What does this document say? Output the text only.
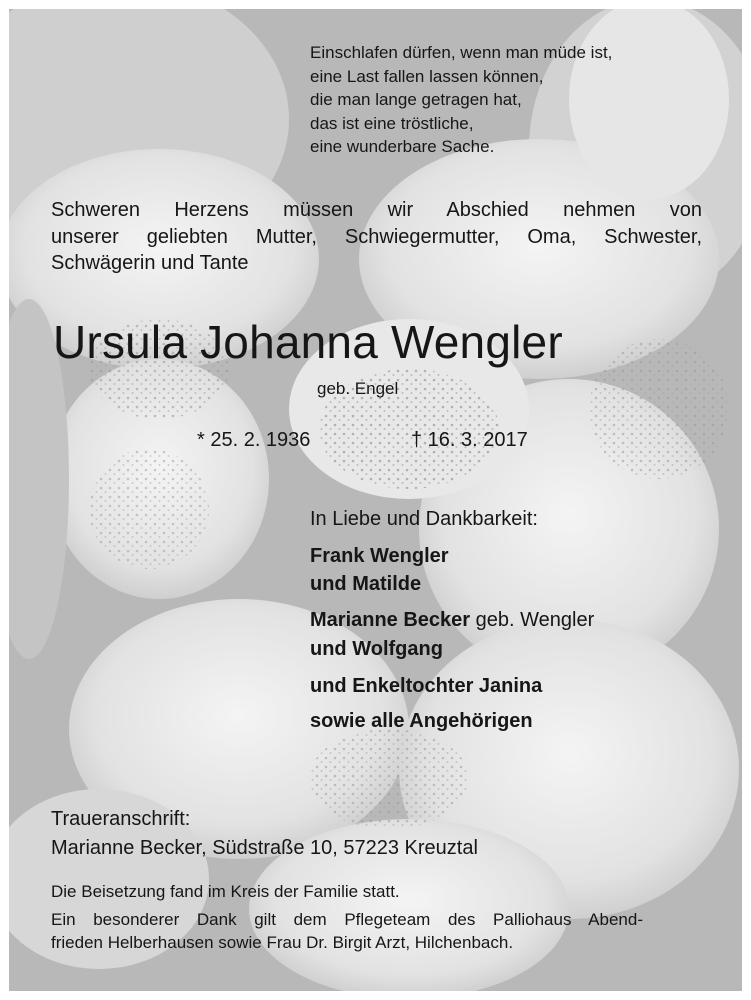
Einschlafen dürfen, wenn man müde ist,
eine Last fallen lassen können,
die man lange getragen hat,
das ist eine tröstliche,
eine wunderbare Sache.
Schweren Herzens müssen wir Abschied nehmen von
unserer geliebten Mutter, Schwiegermutter, Oma, Schwester,
Schwägerin und Tante
Ursula Johanna Wengler
geb. Engel
* 25. 2. 1936	† 16. 3. 2017
In Liebe und Dankbarkeit:
Frank Wengler
und Matilde
Marianne Becker geb. Wengler
und Wolfgang
und Enkeltochter Janina
sowie alle Angehörigen
Traueranschrift:
Marianne Becker, Südstraße 10, 57223 Kreuztal
Die Beisetzung fand im Kreis der Familie statt.
Ein besonderer Dank gilt dem Pflegeteam des Palliohaus Abend-
frieden Helberhausen sowie Frau Dr. Birgit Arzt, Hilchenbach.
